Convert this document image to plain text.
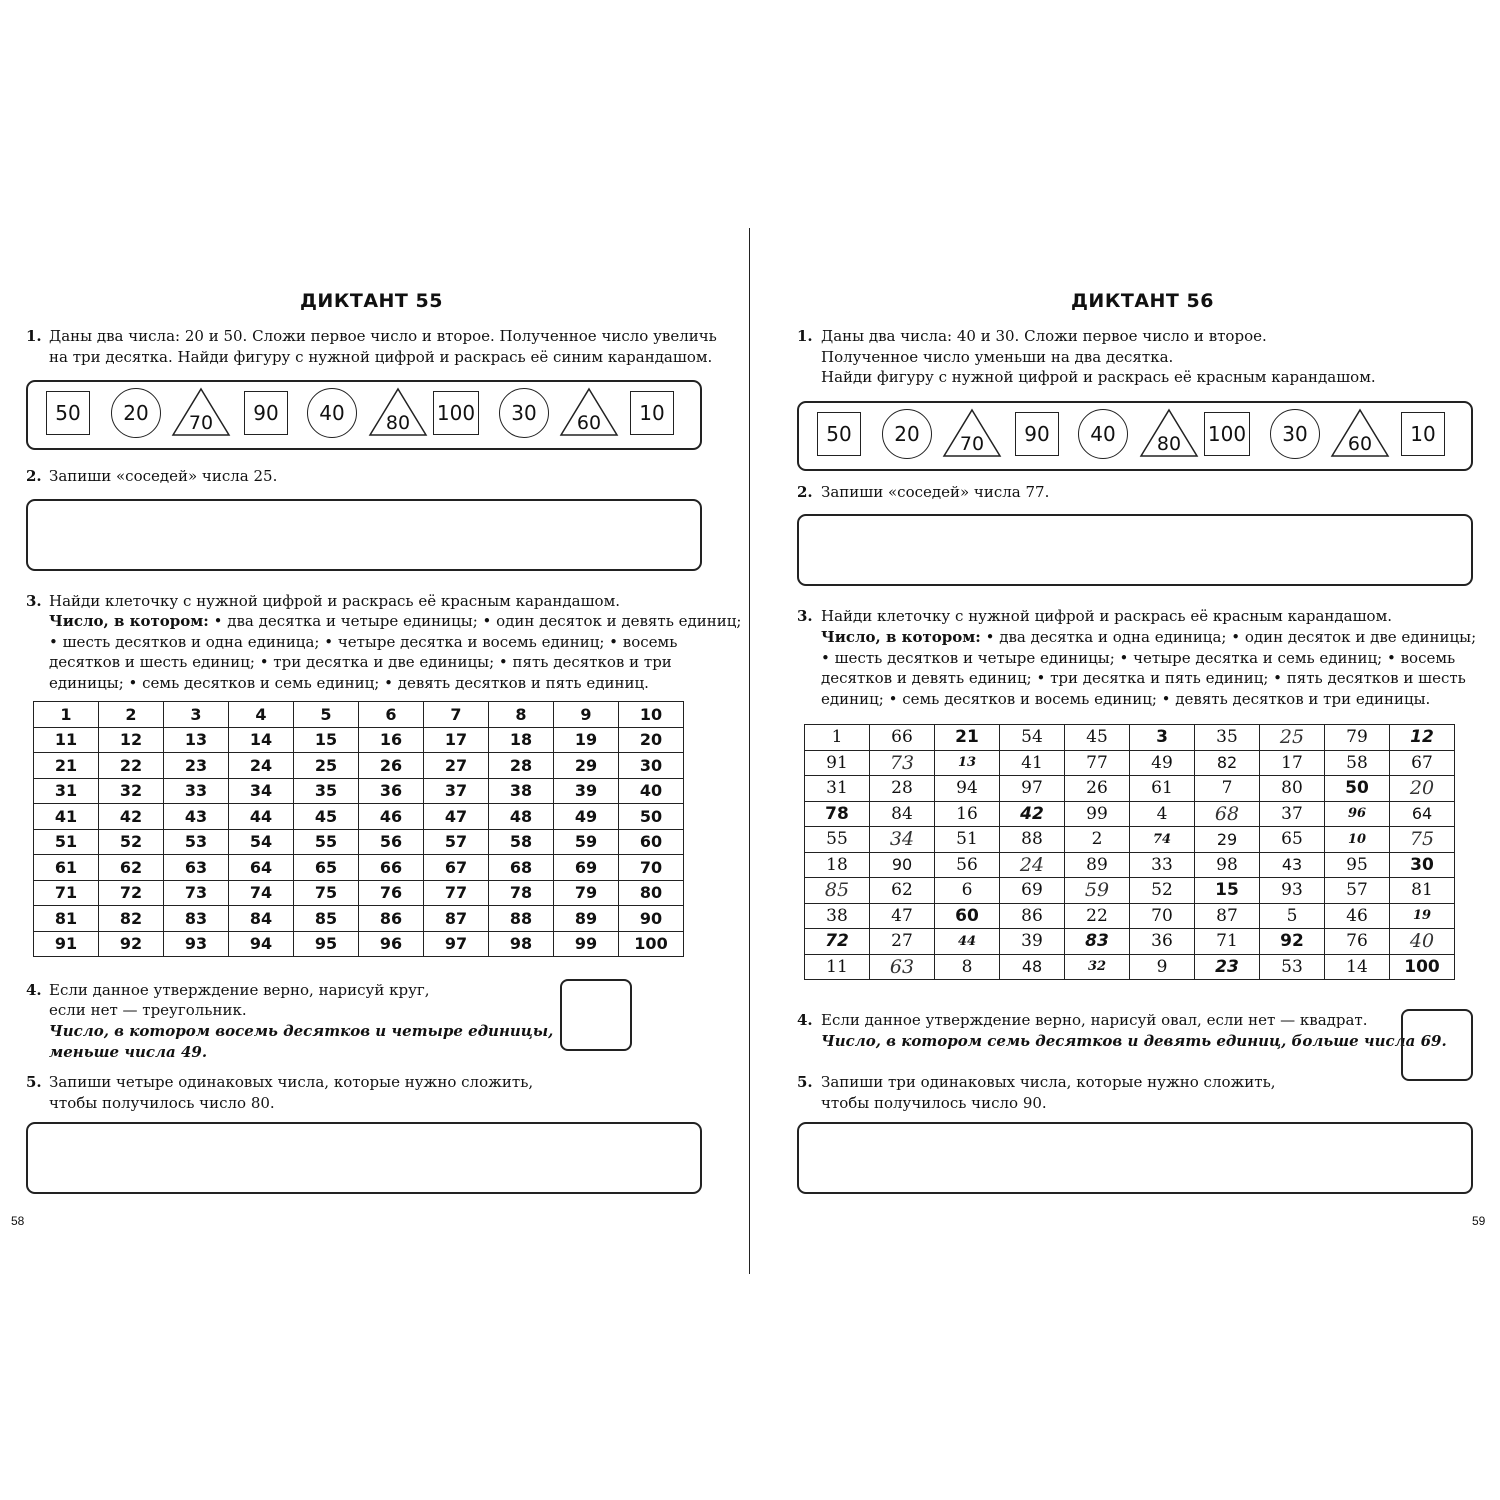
ДИКТАНТ 55
1. Даны два числа: 20 и 50. Сложи первое число и второе. Полученное число увеличь
на три десятка. Найди фигуру с нужной цифрой и раскрась её синим карандашом.
50 20	70	90 40	80	100 30	60	10
2. Запиши «соседей» числа 25.
3. Найди клеточку с нужной цифрой и раскрась её красным карандашом.
Число, в котором: • два десятка и четыре единицы; • один десяток и девять единиц;
• шесть десятков и одна единица; • четыре десятка и восемь единиц; • восемь
десятков и шесть единиц; • три десятка и две единицы; • пять десятков и три
единицы; • семь десятков и семь единиц; • девять десятков и пять единиц.
1	2	3	4	5	6	7	8	9	10
11	12	13	14	15	16	17	18	19	20
21	22	23	24	25	26	27	28	29	30
31	32	33	34	35	36	37	38	39	40
41	42	43	44	45	46	47	48	49	50
51	52	53	54	55	56	57	58	59	60
61	62	63	64	65	66	67	68	69	70
71	72	73	74	75	76	77	78	79	80
81	82	83	84	85	86	87	88	89	90
91	92	93	94	95	96	97	98	99	100
4. Если данное утверждение верно, нарисуй круг,
если нет — треугольник.
Число, в котором восемь десятков и четыре единицы,
меньше числа 49.
5. Запиши четыре одинаковых числа, которые нужно сложить,
чтобы получилось число 80.
58
ДИКТАНТ 56
1. Даны два числа: 40 и 30. Сложи первое число и второе.
Полученное число уменьши на два десятка.
Найди фигуру с нужной цифрой и раскрась её красным карандашом.
50 20	70	90 40	80	100 30	60	10
2. Запиши «соседей» числа 77.
3. Найди клеточку с нужной цифрой и раскрась её красным карандашом.
Число, в котором: • два десятка и одна единица; • один десяток и две единицы;
• шесть десятков и четыре единицы; • четыре десятка и семь единиц; • восемь
десятков и девять единиц; • три десятка и пять единиц; • пять десятков и шесть
единиц; • семь десятков и восемь единиц; • девять десятков и три единицы.
1	66	21	54	45	3	35	25	79	12
91	73	13	41	77	49	82	17	58	67
31	28	94	97	26	61	7	80	50	20
78	84	16	42	99	4	68	37	96	64
55	34	51	88	2	74	29	65	10	75
18	90	56	24	89	33	98	43	95	30
85	62	6	69	59	52	15	93	57	81
38	47	60	86	22	70	87	5	46	19
72	27	44	39	83	36	71	92	76	40
11	63	8	48	32	9	23	53	14	100
4. Если данное утверждение верно, нарисуй овал, если нет — квадрат.
Число, в котором семь десятков и девять единиц, больше числа 69.
5. Запиши три одинаковых числа, которые нужно сложить,
чтобы получилось число 90.
59
